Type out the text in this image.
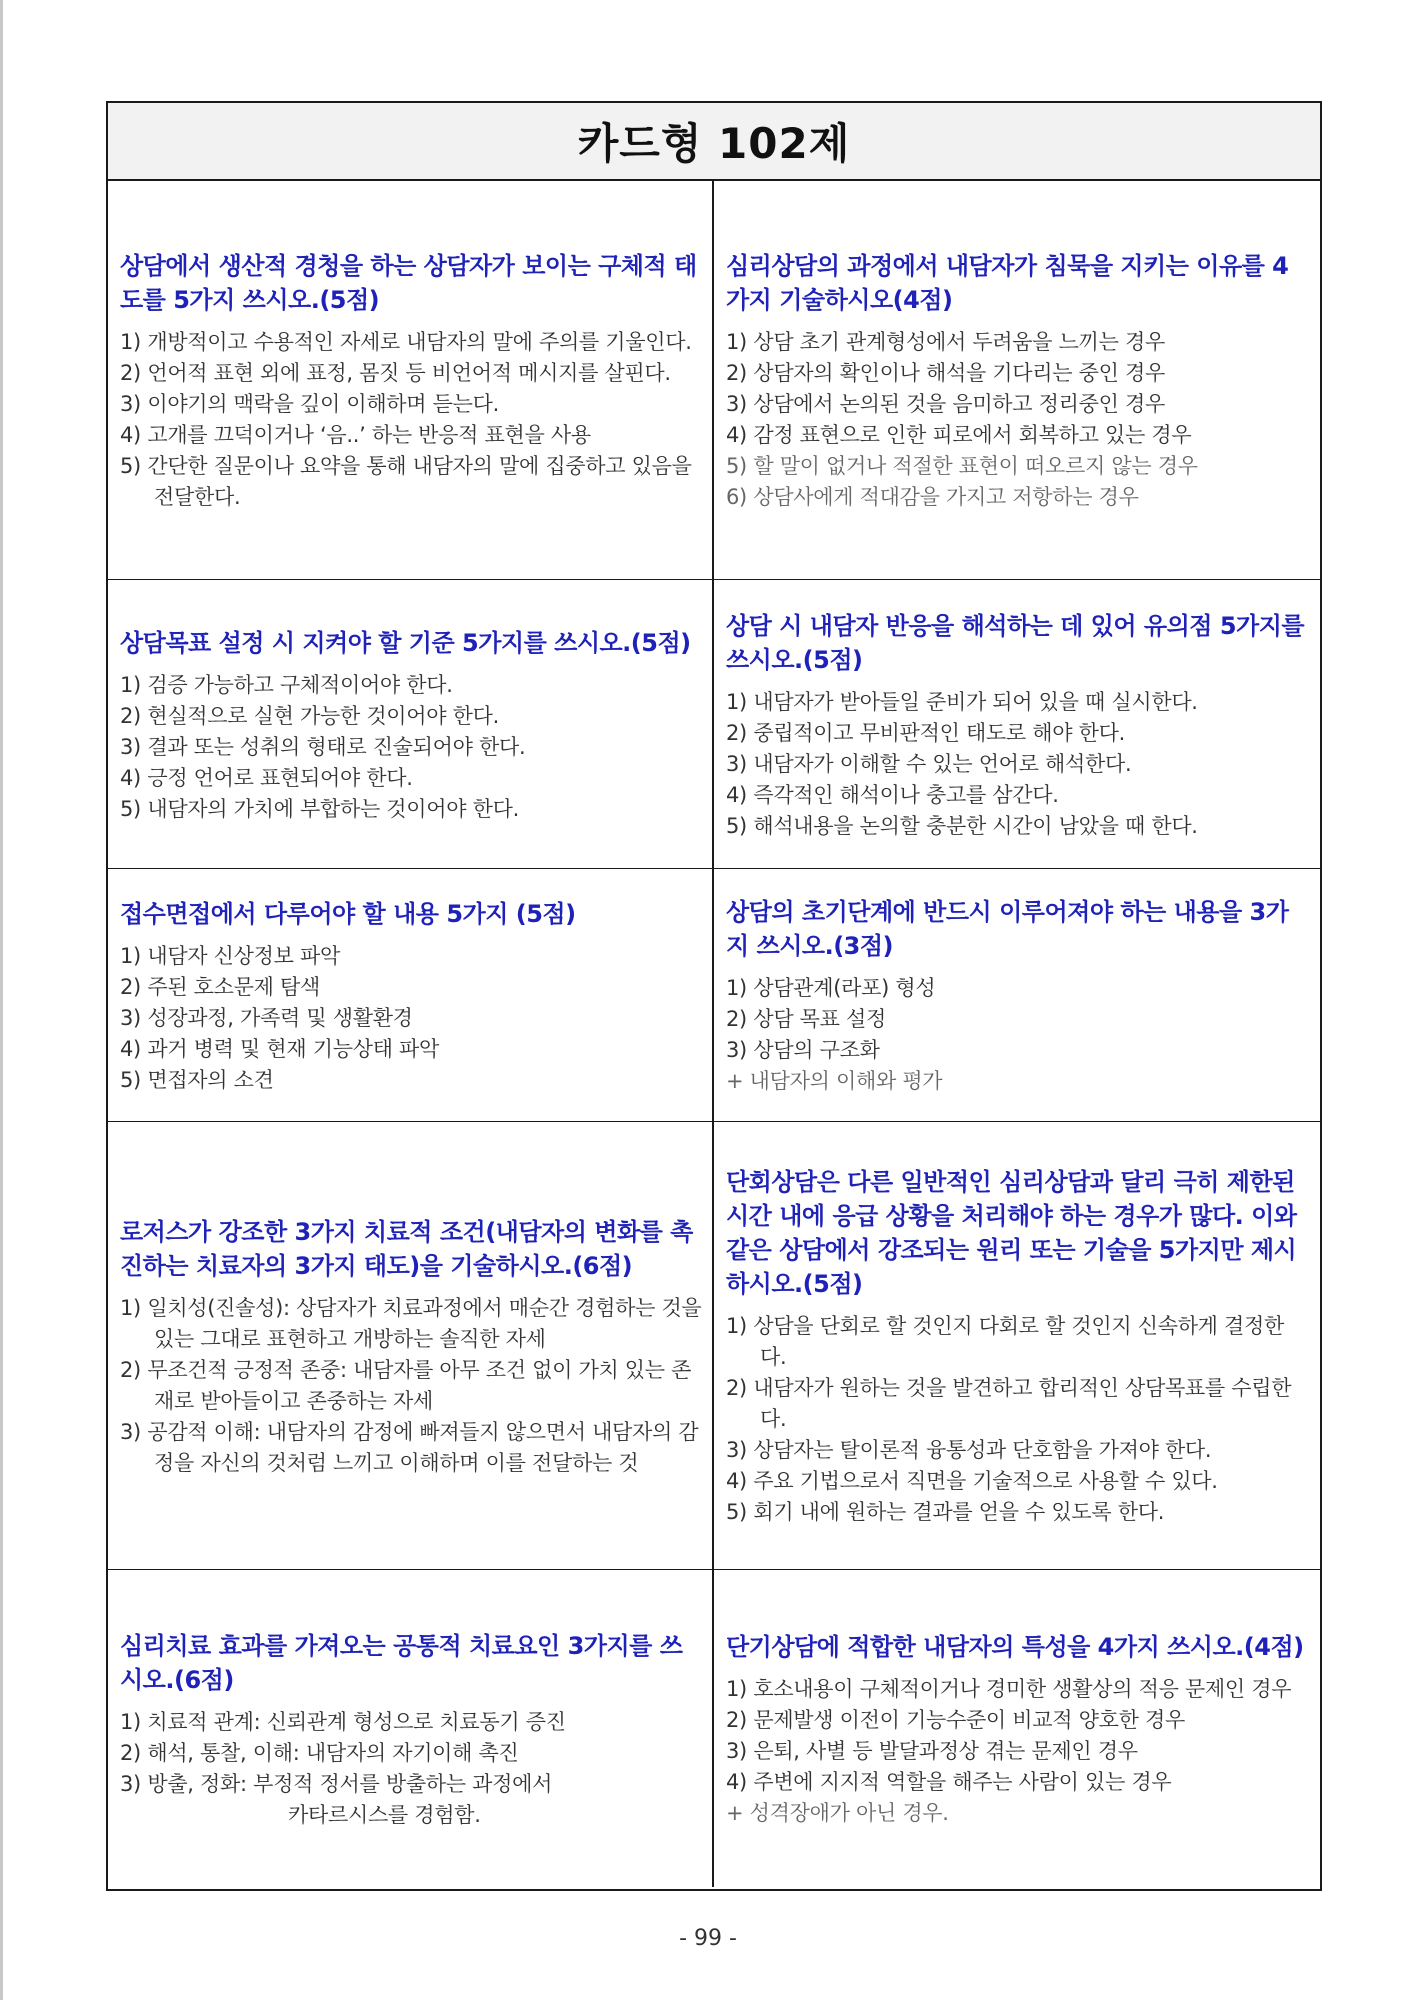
카드형 102제

상담에서 생산적 경청을 하는 상담자가 보이는 구체적 태도를 5가지 쓰시오.(5점)

1) 개방적이고 수용적인 자세로 내담자의 말에 주의를 기울인다.
2) 언어적 표현 외에 표정, 몸짓 등 비언어적 메시지를 살핀다.
3) 이야기의 맥락을 깊이 이해하며 듣는다.
4) 고개를 끄덕이거나 ‘음..’ 하는 반응적 표현을 사용
5) 간단한 질문이나 요약을 통해 내담자의 말에 집중하고 있음을 전달한다.

심리상담의 과정에서 내담자가 침묵을 지키는 이유를 4가지 기술하시오(4점)

1) 상담 초기 관계형성에서 두려움을 느끼는 경우
2) 상담자의 확인이나 해석을 기다리는 중인 경우
3) 상담에서 논의된 것을 음미하고 정리중인 경우
4) 감정 표현으로 인한 피로에서 회복하고 있는 경우
5) 할 말이 없거나 적절한 표현이 떠오르지 않는 경우
6) 상담사에게 적대감을 가지고 저항하는 경우

상담목표 설정 시 지켜야 할 기준 5가지를 쓰시오.(5점)

1) 검증 가능하고 구체적이어야 한다.
2) 현실적으로 실현 가능한 것이어야 한다.
3) 결과 또는 성취의 형태로 진술되어야 한다.
4) 긍정 언어로 표현되어야 한다.
5) 내담자의 가치에 부합하는 것이어야 한다.

상담 시 내담자 반응을 해석하는 데 있어 유의점 5가지를 쓰시오.(5점)

1) 내담자가 받아들일 준비가 되어 있을 때 실시한다.
2) 중립적이고 무비판적인 태도로 해야 한다.
3) 내담자가 이해할 수 있는 언어로 해석한다.
4) 즉각적인 해석이나 충고를 삼간다.
5) 해석내용을 논의할 충분한 시간이 남았을 때 한다.

접수면접에서 다루어야 할 내용 5가지 (5점)

1) 내담자 신상정보 파악
2) 주된 호소문제 탐색
3) 성장과정, 가족력 및 생활환경
4) 과거 병력 및 현재 기능상태 파악
5) 면접자의 소견

상담의 초기단계에 반드시 이루어져야 하는 내용을 3가지 쓰시오.(3점)

1) 상담관계(라포) 형성
2) 상담 목표 설정
3) 상담의 구조화
+ 내담자의 이해와 평가

로저스가 강조한 3가지 치료적 조건(내담자의 변화를 촉진하는 치료자의 3가지 태도)을 기술하시오.(6점)

1) 일치성(진솔성): 상담자가 치료과정에서 매순간 경험하는 것을 있는 그대로 표현하고 개방하는 솔직한 자세
2) 무조건적 긍정적 존중: 내담자를 아무 조건 없이 가치 있는 존재로 받아들이고 존중하는 자세
3) 공감적 이해: 내담자의 감정에 빠져들지 않으면서 내담자의 감정을 자신의 것처럼 느끼고 이해하며 이를 전달하는 것

단회상담은 다른 일반적인 심리상담과 달리 극히 제한된 시간 내에 응급 상황을 처리해야 하는 경우가 많다. 이와 같은 상담에서 강조되는 원리 또는 기술을 5가지만 제시하시오.(5점)

1) 상담을 단회로 할 것인지 다회로 할 것인지 신속하게 결정한다.
2) 내담자가 원하는 것을 발견하고 합리적인 상담목표를 수립한다.
3) 상담자는 탈이론적 융통성과 단호함을 가져야 한다.
4) 주요 기법으로서 직면을 기술적으로 사용할 수 있다.
5) 회기 내에 원하는 결과를 얻을 수 있도록 한다.

심리치료 효과를 가져오는 공통적 치료요인 3가지를 쓰시오.(6점)

1) 치료적 관계: 신뢰관계 형성으로 치료동기 증진
2) 해석, 통찰, 이해: 내담자의 자기이해 촉진
3) 방출, 정화: 부정적 정서를 방출하는 과정에서
카타르시스를 경험함.

단기상담에 적합한 내담자의 특성을 4가지 쓰시오.(4점)

1) 호소내용이 구체적이거나 경미한 생활상의 적응 문제인 경우
2) 문제발생 이전이 기능수준이 비교적 양호한 경우
3) 은퇴, 사별 등 발달과정상 겪는 문제인 경우
4) 주변에 지지적 역할을 해주는 사람이 있는 경우
+ 성격장애가 아닌 경우.
- 99 -
